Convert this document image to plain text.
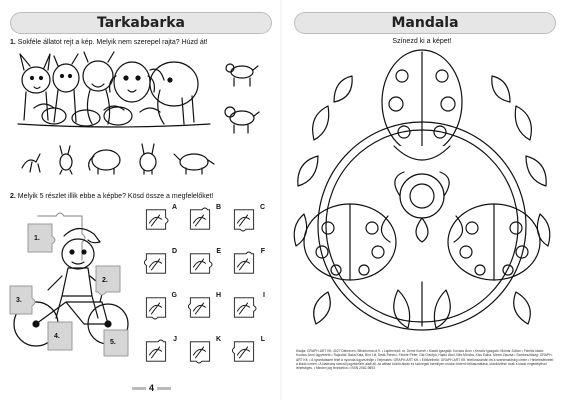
Tarkabarka
1. Sokféle állatot rejt a kép. Melyik nem szerepel rajta? Húzd át!
2. Melyik 5 részlet illik ebbe a képbe? Kösd össze a megfelelőket!
1.
2.
3.
4.
5.
A	B	C
D	E	F
G	H	I
J	K	L
4
Mandala
Színezd ki a képet!
Kiadja: GRAPH-ART Kft. 4027 Debrecen, Bihartorma út 9. • Laptervező: dr. Deme Kornél • Kiadói igazgató: Kovács Áron • Kreatív igazgató: Molnár Zoltán • Felelős kiadó: Kovács Áron ügyvezető • Rajzolók: Baka Kata, Bíró Lili, Deák Ferenc, Fekete Péter, Gál Orsolya, Hajdú Ábel, Illés Mónika, Kiss Edina, Mezei Zsuzsa • Szerkesztőség: GRAPH-ART Kft. • A nyomtatásért felel a nyomda ügyvezetője • Terjesztés: GRAPH-ART Kft. • Előfizethető: GRAPH-ART Kft. telefonszámán és a szerkesztőség címén • Hirdetésfelvétel: a kiadó címén • A kiadvány szerzői jogvédelem alatt áll, az abban közölt ábrák és szövegek bármilyen módon történő felhasználása, utánközlése csak a kiadó engedélyével lehetséges. • Minden jog fenntartva • ISSN 2062-9893
